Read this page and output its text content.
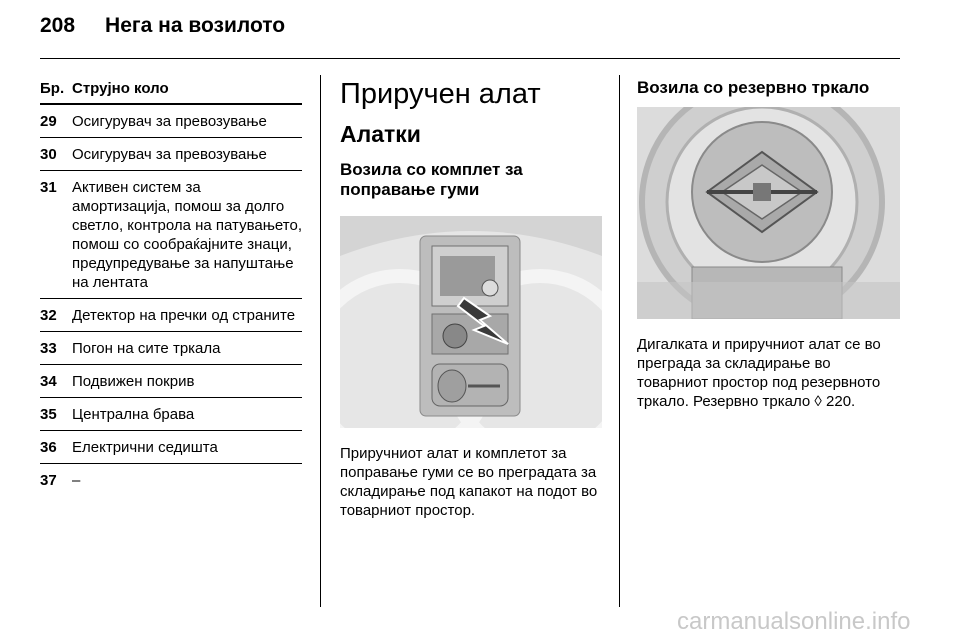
208 Нега на возилото
Бр. Струјно коло
29	Осигурувач за превозување
30	Осигурувач за превозување
31	Активен систем за амортизација, помош за долго светло, контрола на патувањето, помош со сообраќајните знаци, предупредување за напуштање на лентата
32	Детектор на пречки од страните
33	Погон на сите тркала
34	Подвижен покрив
35	Централна брава
36	Електрични седишта
37	–
Приручен алат
Алатки
Возила со комплет за поправање гуми
Приручниот алат и комплетот за поправање гуми се во преградата за складирање под капакот на подот во товарниот простор.
Возила со резервно тркало
Дигалката и приручниот алат се во преграда за складирање во товарниот простор под резервното тркало. Резервно тркало ◊ 220.
carmanualsonline.info
